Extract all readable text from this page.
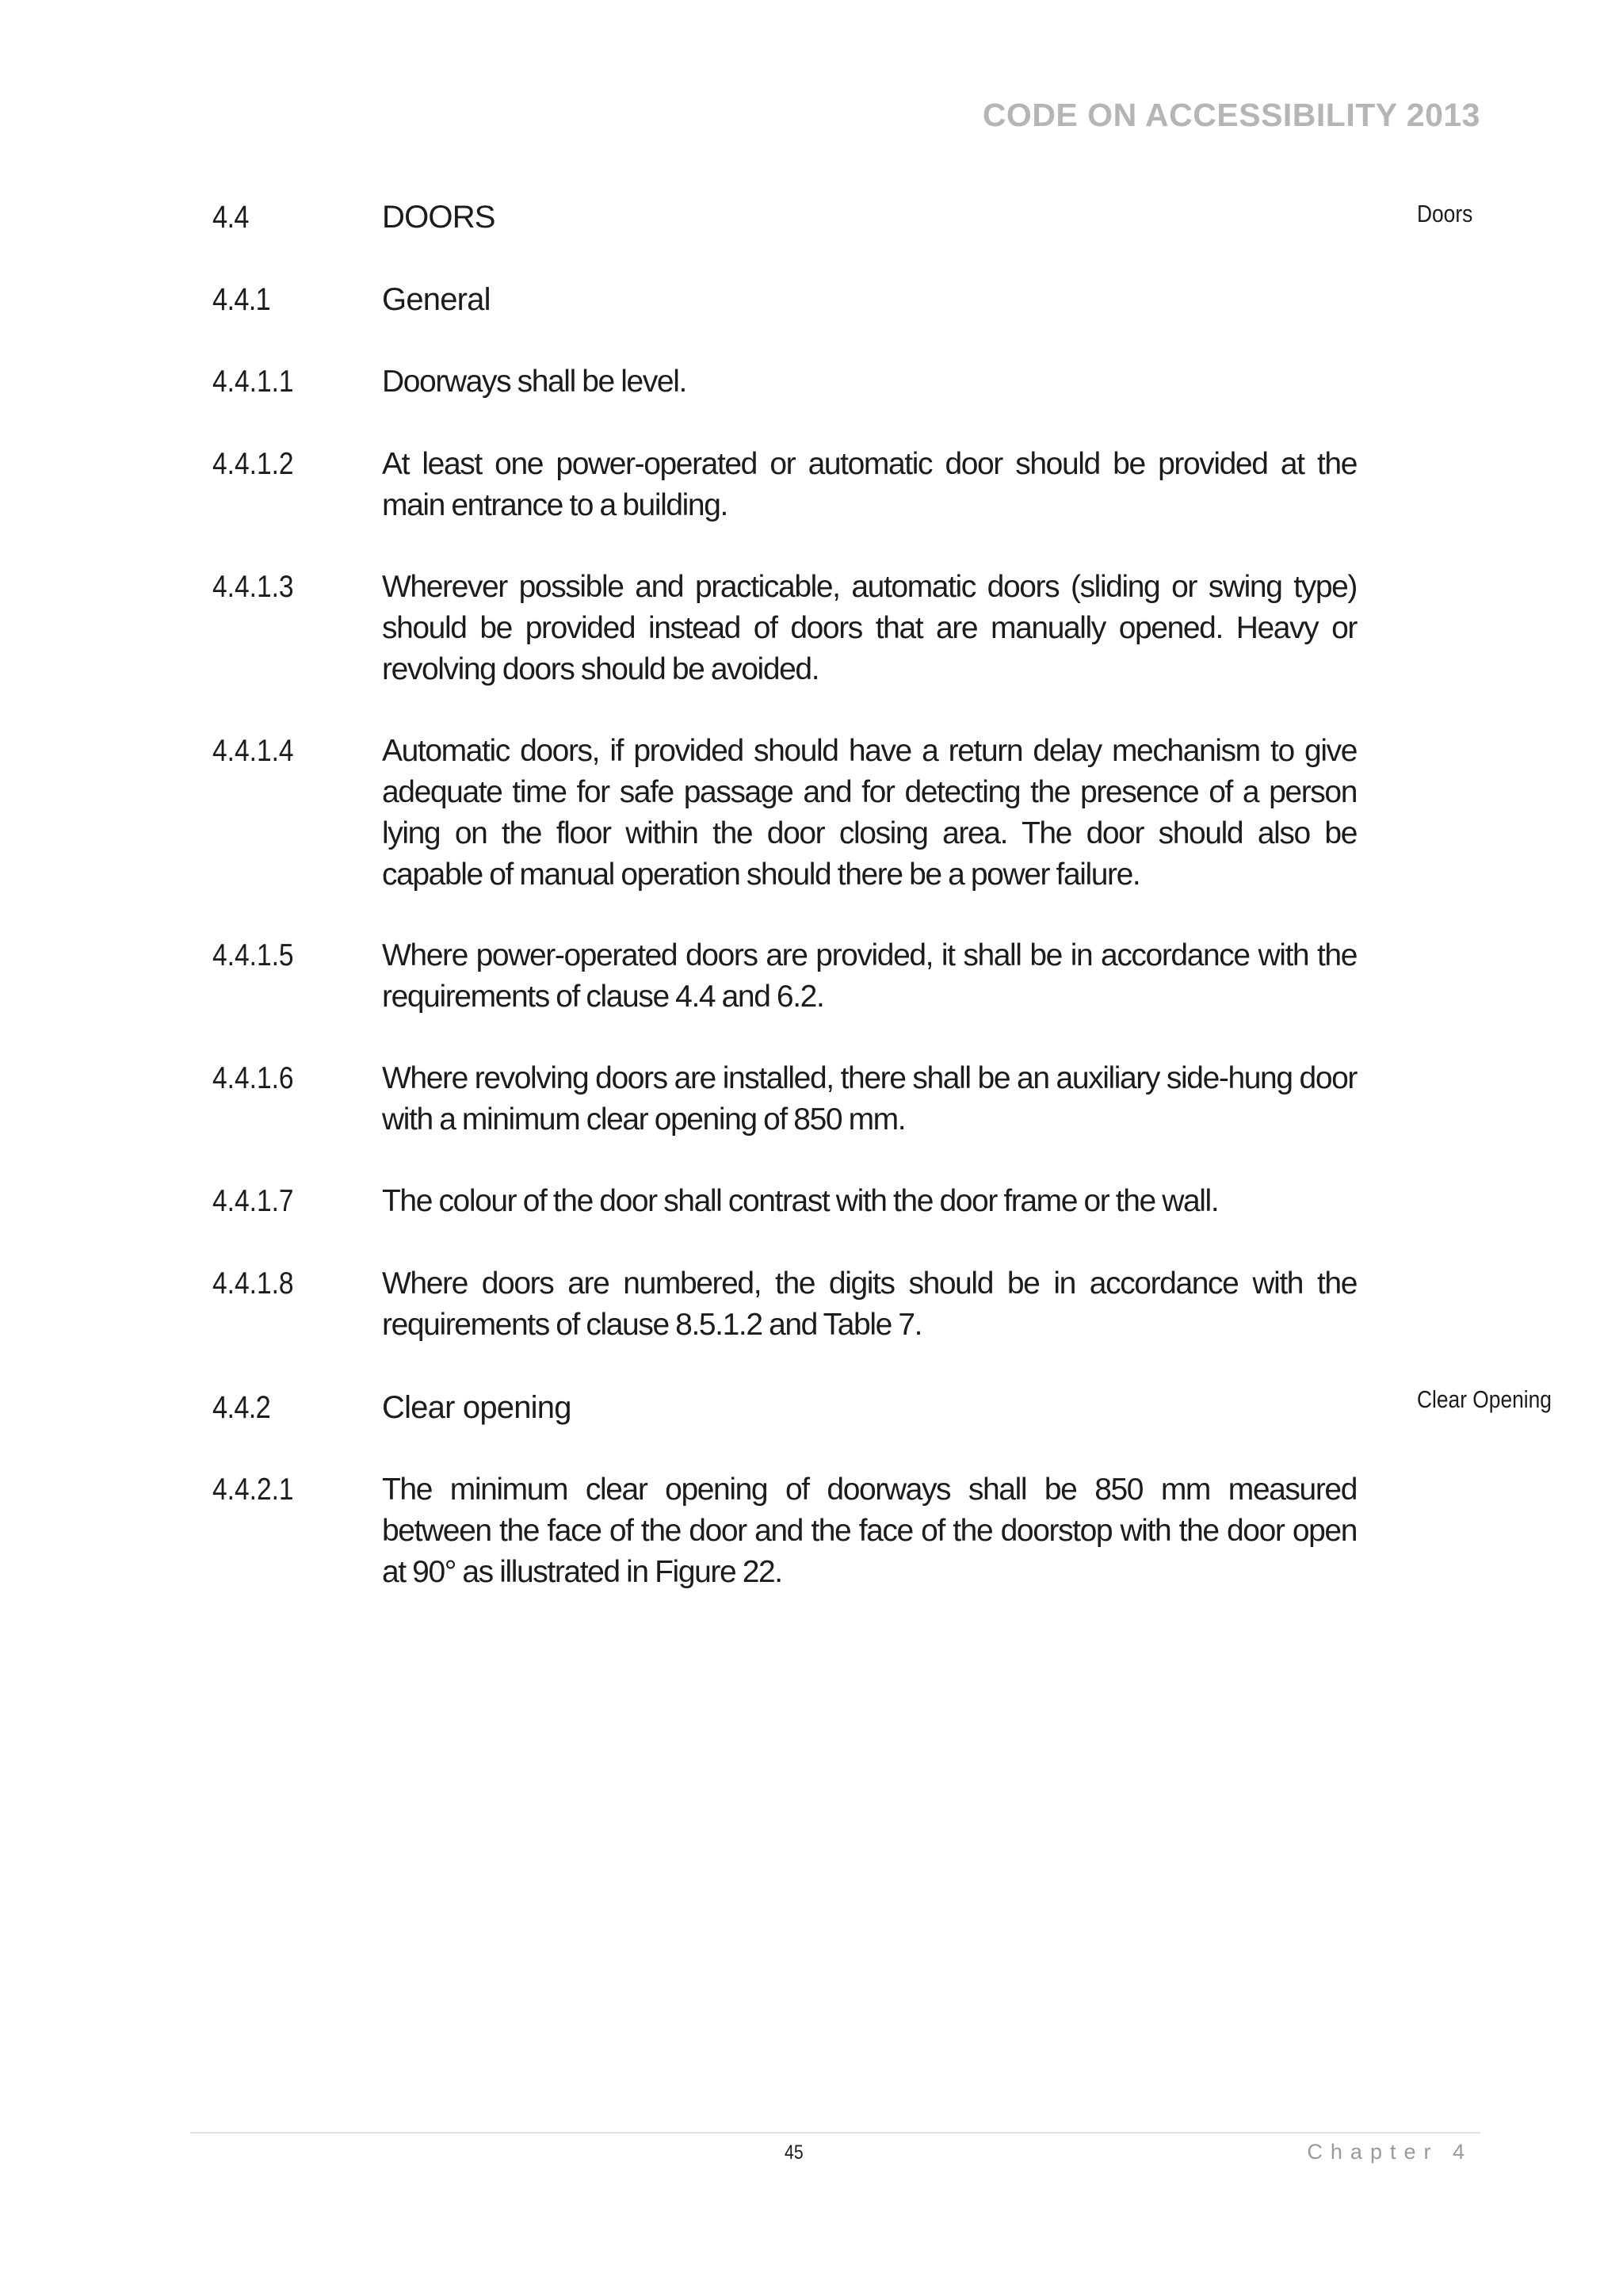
CODE ON ACCESSIBILITY 2013
Doors
4.4	DOORS
4.4.1	General
4.4.1.1	Doorways shall be level.
4.4.1.2	At least one power-operated or automatic door should be provided at the main entrance to a building.
4.4.1.3	Wherever possible and practicable, automatic doors (sliding or swing type) should be provided instead of doors that are manually opened. Heavy or revolving doors should be avoided.
4.4.1.4	Automatic doors, if provided should have a return delay mechanism to give adequate time for safe passage and for detecting the presence of a person lying on the floor within the door closing area. The door should also be capable of manual operation should there be a power failure.
4.4.1.5	Where power-operated doors are provided, it shall be in accordance with the requirements of clause 4.4 and 6.2.
4.4.1.6	Where revolving doors are installed, there shall be an auxiliary side-hung door with a minimum clear opening of 850 mm.
4.4.1.7	The colour of the door shall contrast with the door frame or the wall.
4.4.1.8	Where doors are numbered, the digits should be in accordance with the requirements of clause 8.5.1.2 and Table 7.
Clear Opening
4.4.2	Clear opening
4.4.2.1	The minimum clear opening of doorways shall be 850 mm measured between the face of the door and the face of the doorstop with the door open at 90° as illustrated in Figure 22.
45	Chapter 4
